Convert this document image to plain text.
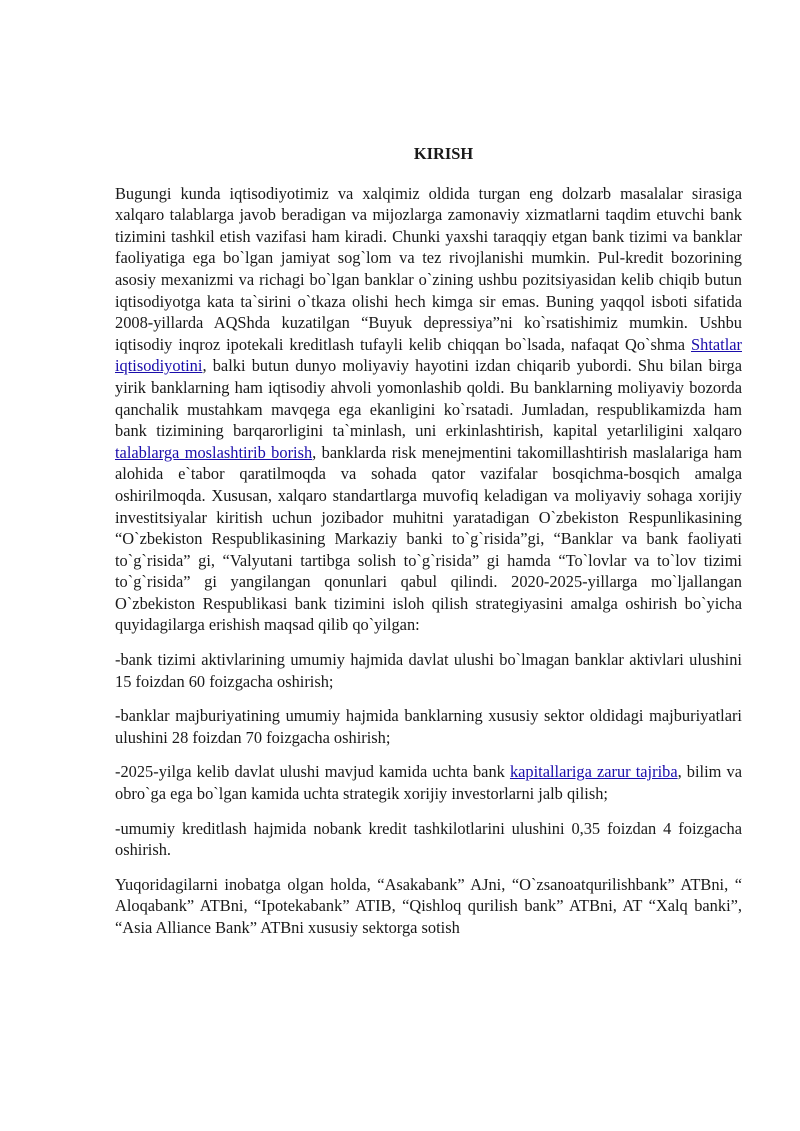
KIRISH

Bugungi kunda iqtisodiyotimiz va xalqimiz oldida turgan eng dolzarb masalalar sirasiga xalqaro talablarga javob beradigan va mijozlarga zamonaviy xizmatlarni taqdim etuvchi bank tizimini tashkil etish vazifasi ham kiradi. Chunki yaxshi taraqqiy etgan bank tizimi va banklar faoliyatiga ega bo`lgan jamiyat sog`lom va tez rivojlanishi mumkin. Pul-kredit bozorining asosiy mexanizmi va richagi bo`lgan banklar o`zining ushbu pozitsiyasidan kelib chiqib butun iqtisodiyotga kata ta`sirini o`tkaza olishi hech kimga sir emas. Buning yaqqol isboti sifatida 2008-yillarda AQShda kuzatilgan “Buyuk depressiya”ni ko`rsatishimiz mumkin. Ushbu iqtisodiy inqroz ipotekali kreditlash tufayli kelib chiqqan bo`lsada, nafaqat Qo`shma Shtatlar iqtisodiyotini, balki butun dunyo moliyaviy hayotini izdan chiqarib yubordi. Shu bilan birga yirik banklarning ham iqtisodiy ahvoli yomonlashib qoldi. Bu banklarning moliyaviy bozorda qanchalik mustahkam mavqega ega ekanligini ko`rsatadi. Jumladan, respublikamizda ham bank tizimining barqarorligini ta`minlash, uni erkinlashtirish, kapital yetarliligini xalqaro talablarga moslashtirib borish, banklarda risk menejmentini takomillashtirish maslalariga ham alohida e`tabor qaratilmoqda va sohada qator vazifalar bosqichma-bosqich amalga oshirilmoqda. Xususan, xalqaro standartlarga muvofiq keladigan va moliyaviy sohaga xorijiy investitsiyalar kiritish uchun jozibador muhitni yaratadigan O`zbekiston Respunlikasining “O`zbekiston Respublikasining Markaziy banki to`g`risida”gi, “Banklar va bank faoliyati to`g`risida” gi, “Valyutani tartibga solish to`g`risida” gi hamda “To`lovlar va to`lov tizimi to`g`risida” gi yangilangan qonunlari qabul qilindi. 2020-2025-yillarga mo`ljallangan O`zbekiston Respublikasi bank tizimini isloh qilish strategiyasini amalga oshirish bo`yicha quyidagilarga erishish maqsad qilib qo`yilgan:

-bank tizimi aktivlarining umumiy hajmida davlat ulushi bo`lmagan banklar aktivlari ulushini 15 foizdan 60 foizgacha oshirish;

-banklar majburiyatining umumiy hajmida banklarning xususiy sektor oldidagi majburiyatlari ulushini 28 foizdan 70 foizgacha oshirish;

-2025-yilga kelib davlat ulushi mavjud kamida uchta bank kapitallariga zarur tajriba, bilim va obro`ga ega bo`lgan kamida uchta strategik xorijiy investorlarni jalb qilish;

-umumiy kreditlash hajmida nobank kredit tashkilotlarini ulushini 0,35 foizdan 4 foizgacha oshirish.

Yuqoridagilarni inobatga olgan holda, “Asakabank” AJni, “O`zsanoatqurilishbank” ATBni, “ Aloqabank” ATBni, “Ipotekabank” ATIB, “Qishloq qurilish bank” ATBni, AT “Xalq banki”, “Asia Alliance Bank” ATBni xususiy sektorga sotish
